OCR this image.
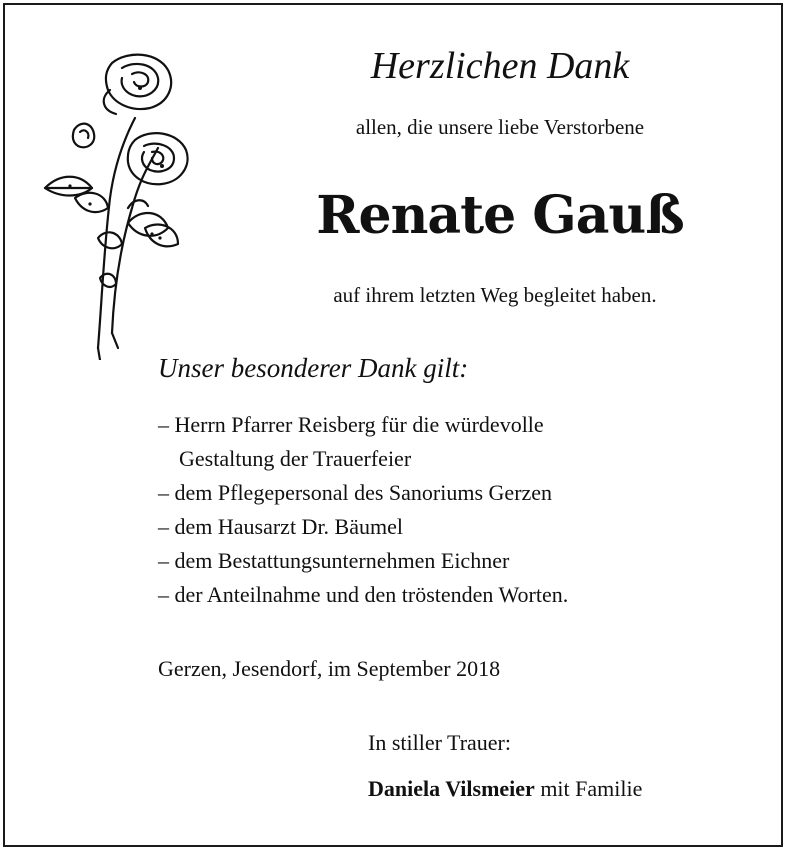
Herzlichen Dank
allen, die unsere liebe Verstorbene
Renate Gauß
auf ihrem letzten Weg begleitet haben.
Unser besonderer Dank gilt:
– Herrn Pfarrer Reisberg für die würdevolle
Gestaltung der Trauerfeier
– dem Pflegepersonal des Sanoriums Gerzen
– dem Hausarzt Dr. Bäumel
– dem Bestattungsunternehmen Eichner
– der Anteilnahme und den tröstenden Worten.
Gerzen, Jesendorf, im September 2018
In stiller Trauer:
Daniela Vilsmeier mit Familie
